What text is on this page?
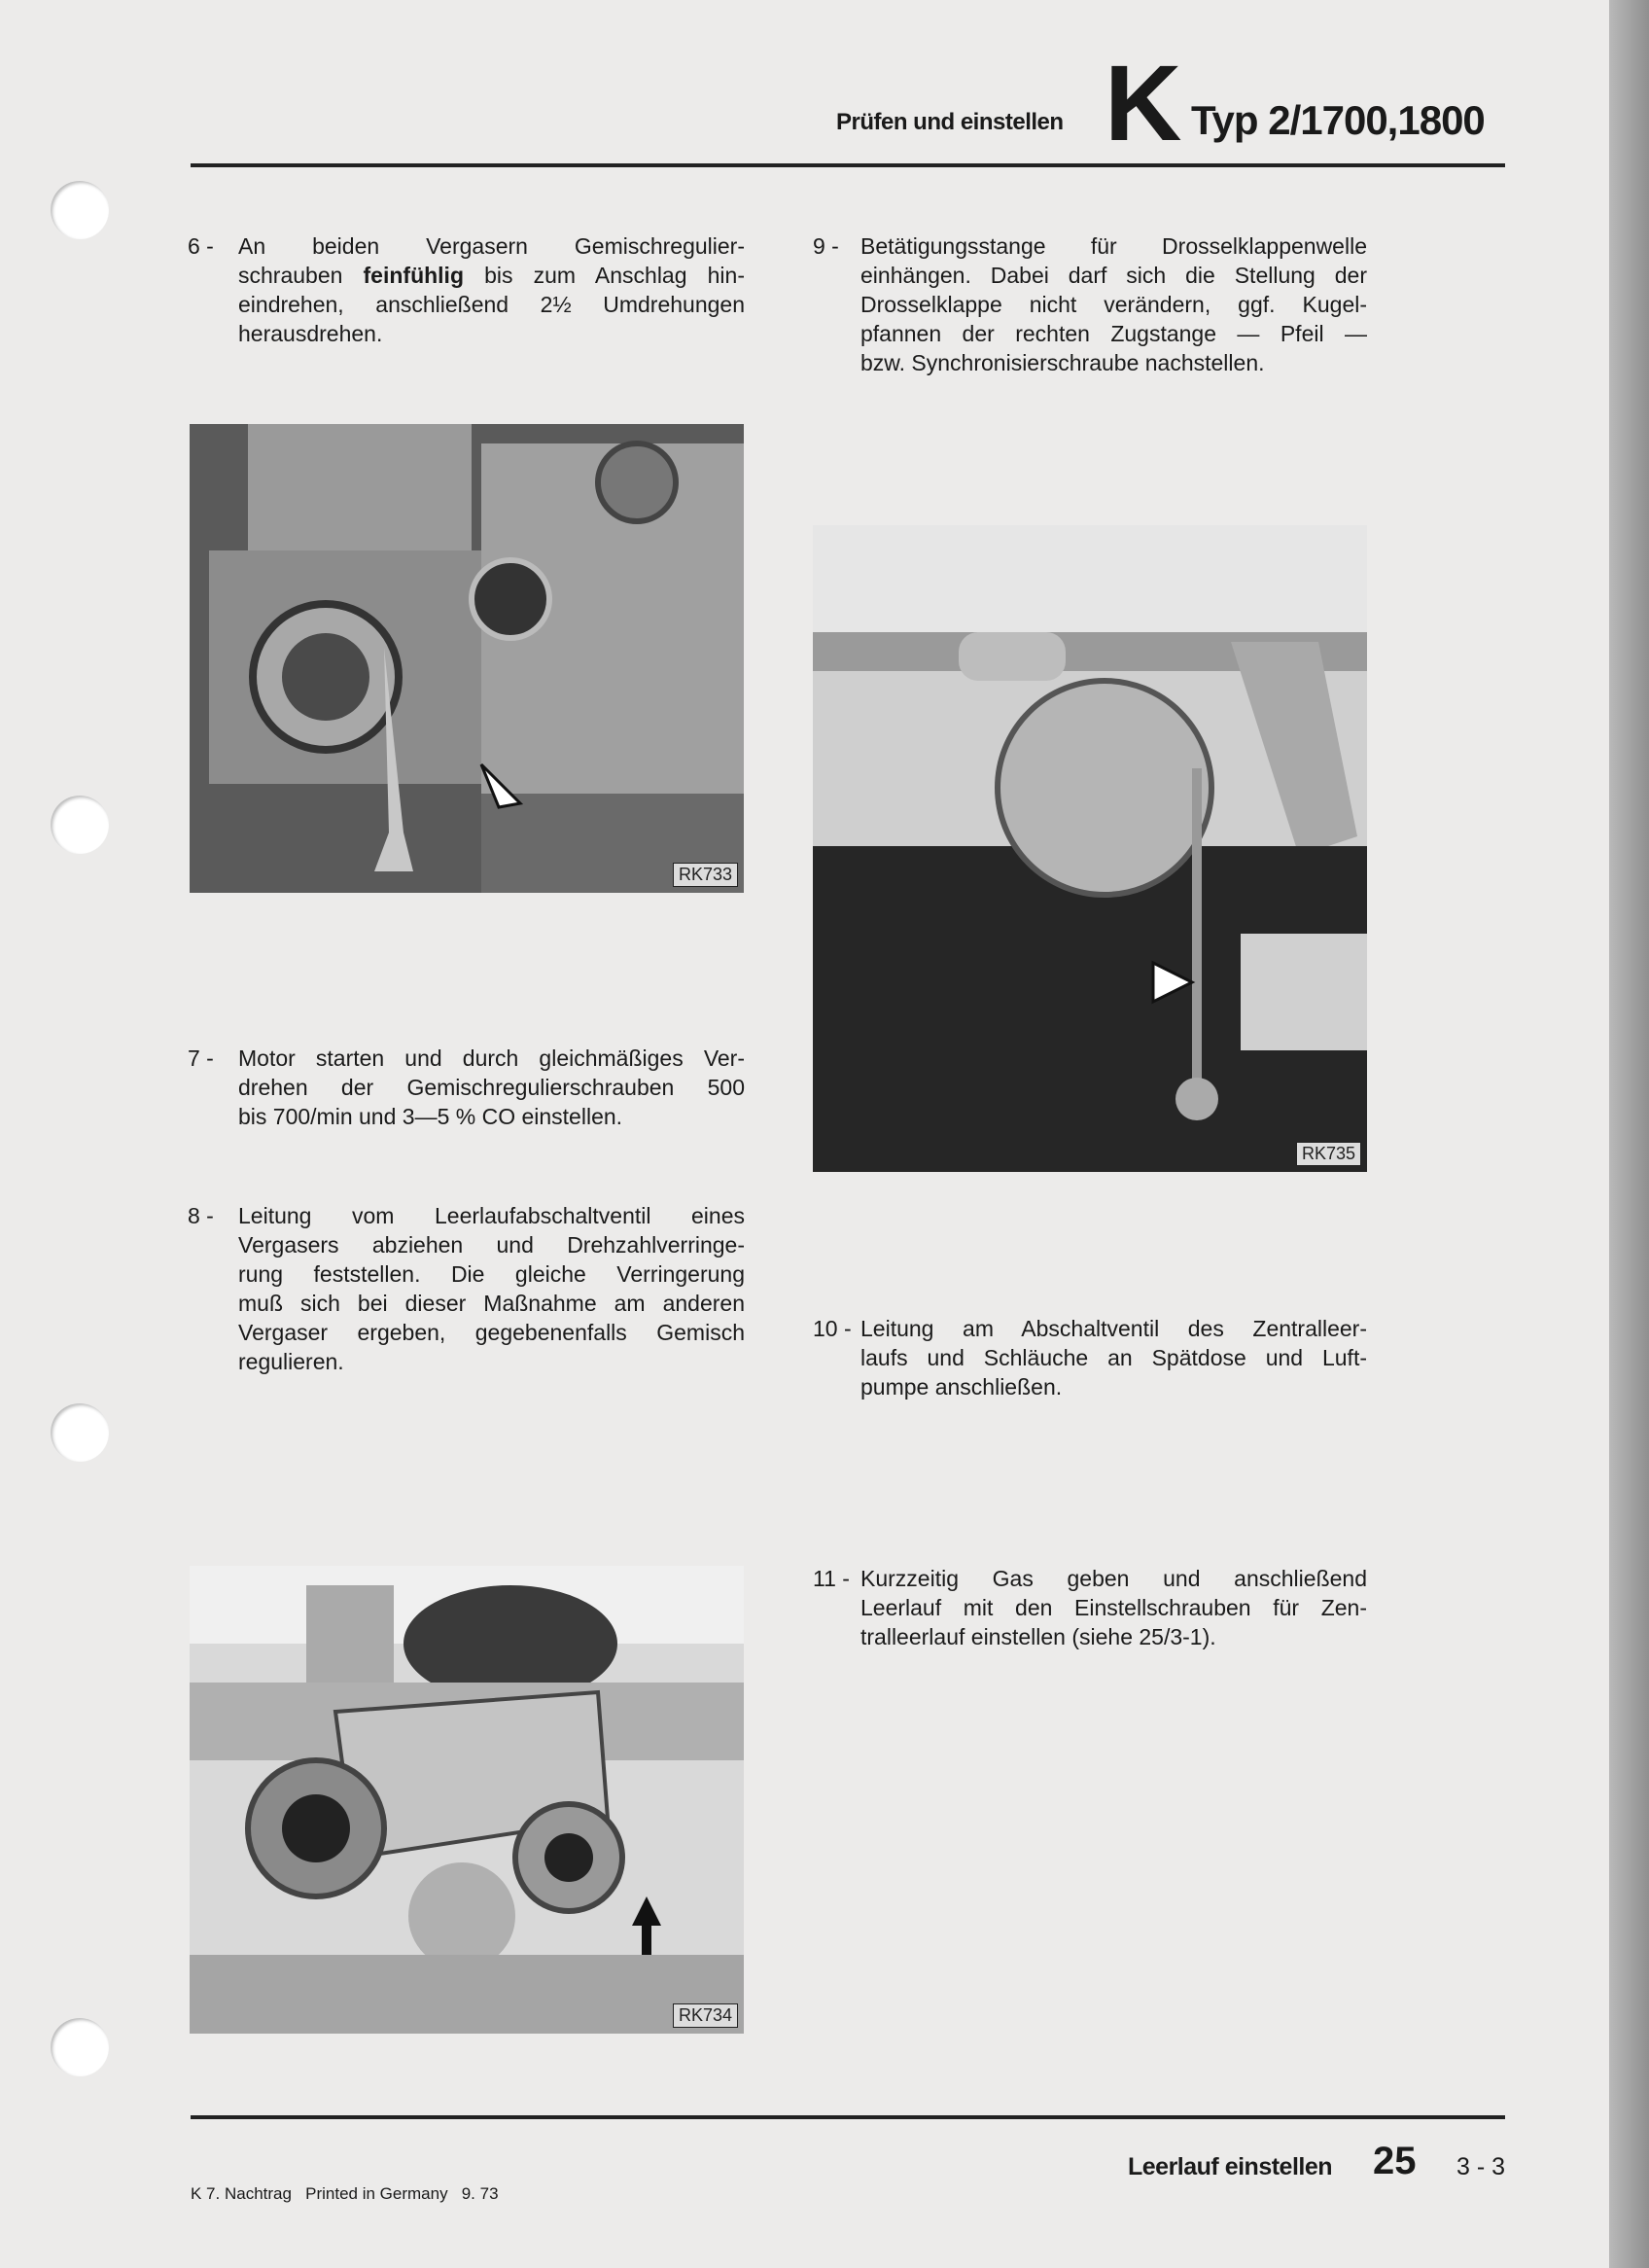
Prüfen und einstellen K Typ 2/1700,1800
6 - An beiden Vergasern Gemischregulier-
schrauben feinfühlig bis zum Anschlag hin-
eindrehen, anschließend 2½ Umdrehungen
herausdrehen.
7 - Motor starten und durch gleichmäßiges Ver-
drehen der Gemischregulierschrauben 500
bis 700/min und 3—5 % CO einstellen.
8 - Leitung vom Leerlaufabschaltventil eines
Vergasers abziehen und Drehzahlverringe-
rung feststellen. Die gleiche Verringerung
muß sich bei dieser Maßnahme am anderen
Vergaser ergeben, gegebenenfalls Gemisch
regulieren.
9 - Betätigungsstange für Drosselklappenwelle
einhängen. Dabei darf sich die Stellung der
Drosselklappe nicht verändern, ggf. Kugel-
pfannen der rechten Zugstange — Pfeil —
bzw. Synchronisierschraube nachstellen.
10 - Leitung am Abschaltventil des Zentralleer-
laufs und Schläuche an Spätdose und Luft-
pumpe anschließen.
11 - Kurzzeitig Gas geben und anschließend
Leerlauf mit den Einstellschrauben für Zen-
tralleerlauf einstellen (siehe 25/3-1).
RK733
RK735
RK734
Leerlauf einstellen 25 3 - 3
K 7. Nachtrag   Printed in Germany   9. 73
